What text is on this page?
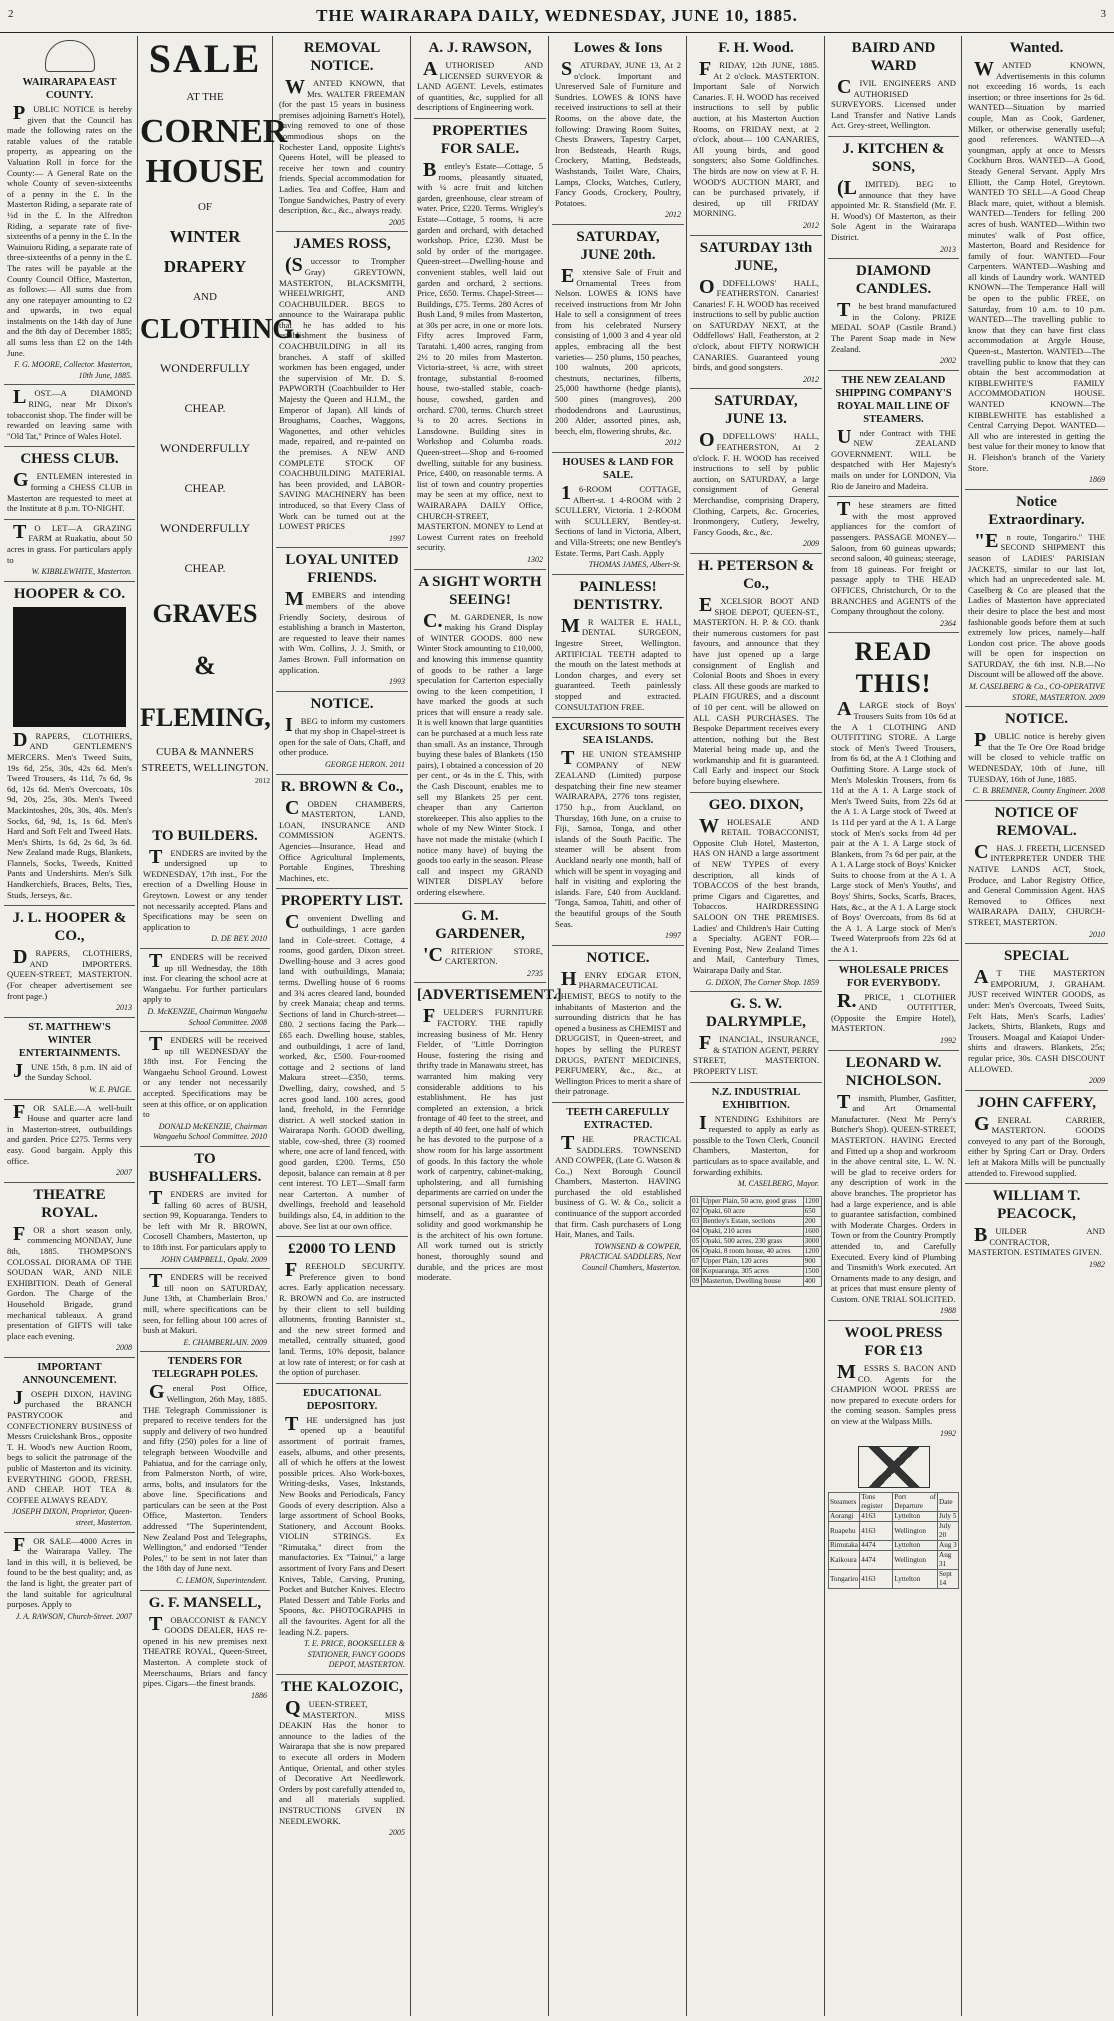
2	THE WAIRARAPA DAILY, WEDNESDAY, JUNE 10, 1885.	3
WAIRARAPA EAST COUNTY.

PUBLIC NOTICE is hereby given that the Council has made the following rates on the ratable values of the ratable property, as appearing on the Valuation Roll in force for the County:— A General Rate on the whole County of seven-sixteenths of a penny in the £. In the Masterton Riding, a separate rate of ½d in the £. In the Alfredton Riding, a separate rate of five-sixteenths of a penny in the £. In the Wainuioru Riding, a separate rate of three-sixteenths of a penny in the £. The rates will be payable at the County Council Office, Masterton, as follows:— All sums due from any one ratepayer amounting to £2 and upwards, in two equal instalments on the 14th day of June and the 8th day of December 1885; all sums less than £2 on the 14th June.

F. G. MOORE, Collector. Masterton, 10th June, 1885.

LOST.—A DIAMOND RING, near Mr Dixon's tobacconist shop. The finder will be rewarded on leaving same with "Old Tat," Prince of Wales Hotel.

CHESS CLUB.

GENTLEMEN interested in forming a CHESS CLUB in Masterton are requested to meet at the Institute at 8 p.m. TO-NIGHT.

TO LET—A GRAZING FARM at Ruakatiu, about 50 acres in grass. For particulars apply to

W. KIBBLEWHITE, Masterton.
HOOPER & CO.

DRAPERS, CLOTHIERS, AND GENTLEMEN'S MERCERS. Men's Tweed Suits, 19s 6d, 25s, 30s, 42s 6d. Men's Tweed Trousers, 4s 11d, 7s 6d, 9s 6d, 12s 6d. Men's Overcoats, 10s 9d, 20s, 25s, 30s. Men's Tweed Mackintoshes, 20s, 30s, 40s. Men's Socks, 6d, 9d, 1s, 1s 6d. Men's Hard and Soft Felt and Tweed Hats. Men's Shirts, 1s 6d, 2s 6d, 3s 6d. New Zealand made Rugs, Blankets, Flannels, Socks, Tweeds, Knitted Pants and Undershirts. Men's Silk Handkerchiefs, Braces, Belts, Ties, Studs, Jerseys, &c.

J. L. HOOPER & CO.,

DRAPERS, CLOTHIERS, AND IMPORTERS. QUEEN-STREET, MASTERTON. (For cheaper advertisement see front page.)

2013
ST. MATTHEW'S WINTER ENTERTAINMENTS.

JUNE 15th, 8 p.m. IN aid of the Sunday School.

W. E. PAIGE.

FOR SALE.—A well-built House and quarter acre land in Masterton-street, outbuildings and garden. Price £275. Terms very easy. Good bargain. Apply this office.

2007
THEATRE ROYAL.

FOR a short season only, commencing MONDAY, June 8th, 1885. THOMPSON'S COLOSSAL DIORAMA OF THE SOUDAN WAR, AND NILE EXHIBITION. Death of General Gordon. The Charge of the Household Brigade, grand mechanical tableaux. A grand presentation of GIFTS will take place each evening.

2008
IMPORTANT ANNOUNCEMENT.

JOSEPH DIXON, HAVING purchased the BRANCH PASTRYCOOK and CONFECTIONERY BUSINESS of Messrs Cruickshank Bros., opposite T. H. Wood's new Auction Room, begs to solicit the patronage of the public of Masterton and its vicinity. EVERYTHING GOOD, FRESH, AND CHEAP. HOT TEA & COFFEE ALWAYS READY.

JOSEPH DIXON, Proprietor, Queen-street, Masterton.

FOR SALE—4000 Acres in the Wairarapa Valley. The land in this will, it is believed, be found to be the best quality; and, as the land is light, the greater part of the land suitable for agricultural purposes. Apply to

J. A. RAWSON, Church-Street. 2007
SALE
AT THE
CORNER
HOUSE
OF
WINTER DRAPERY
AND
CLOTHING.
WONDERFULLY CHEAP.
WONDERFULLY CHEAP.
WONDERFULLY CHEAP.
GRAVES & FLEMING,
CUBA & MANNERS STREETS, WELLINGTON.
2012
TO BUILDERS.

TENDERS are invited by the undersigned up to WEDNESDAY, 17th inst., For the erection of a Dwelling House in Greytown. Lowest or any tender not necessarily accepted. Plans and Specifications may be seen on application to

D. DE BEY. 2010

TENDERS will be received up till Wednesday, the 18th inst. For clearing the school acre at Wangaehu. For further particulars apply to

D. McKENZIE, Chairman Wangaehu School Committee. 2008

TENDERS will be received up till WEDNESDAY the 18th inst. For Fencing the Wangaehu School Ground. Lowest or any tender not necessarily accepted. Specifications may be seen at this office, or on application to

DONALD McKENZIE, Chairman Wangaehu School Committee. 2010
TO BUSHFALLERS.

TENDERS are invited for falling 60 acres of BUSH, section 99, Kopuaranga. Tenders to be left with Mr R. BROWN, Cocosell Chambers, Masterton, up to 18th inst. For particulars apply to

JOHN CAMPBELL, Opaki. 2009

TENDERS will be received till noon on SATURDAY, June 13th, at Chamberlain Bros.' mill, where specifications can be seen, for felling about 100 acres of bush at Makuri.

E. CHAMBERLAIN. 2009
TENDERS FOR TELEGRAPH POLES.

General Post Office, Wellington, 26th May, 1885. THE Telegraph Commissioner is prepared to receive tenders for the supply and delivery of two hundred and fifty (250) poles for a line of telegraph between Woodville and Pahiatua, and for the carriage only, from Palmerston North, of wire, arms, bolts, and insulators for the above line. Specifications and particulars can be seen at the Post Office, Masterton. Tenders addressed "The Superintendent, New Zealand Post and Telegraphs, Wellington," and endorsed "Tender Poles," to be sent in not later than the 18th day of June next.

C. LEMON, Superintendent.
G. F. MANSELL,

TOBACCONIST & FANCY GOODS DEALER, HAS re-opened in his new premises next THEATRE ROYAL, Queen-Street, Masterton. A complete stock of Meerschaums, Briars and fancy pipes. Cigars—the finest brands.

1886
REMOVAL NOTICE.

WANTED KNOWN, that Mrs. WALTER FREEMAN (for the past 15 years in business premises adjoining Barnett's Hotel), having removed to one of those commodious shops on the Rochester Land, opposite Lights's Queens Hotel, will be pleased to receive her town and country friends. Special accommodation for Ladies. Tea and Coffee, Ham and Tongue Sandwiches, Pastry of every description, &c., &c., always ready.

2005
JAMES ROSS,

(Successor to Trompher Gray) GREYTOWN, MASTERTON, BLACKSMITH, WHEELWRIGHT, AND COACHBUILDER. BEGS to announce to the Wairarapa public that he has added to his establishment the business of COACHBUILDING in all its branches. A staff of skilled workmen has been engaged, under the supervision of Mr. D. S. PAPWORTH (Coachbuilder to Her Majesty the Queen and H.I.M., the Emperor of Japan). All kinds of Broughams, Coaches, Waggons, Wagonettes, and other vehicles made, repaired, and re-painted on the premises. A NEW AND COMPLETE STOCK OF COACHBUILDING MATERIAL has been provided, and LABOR-SAVING MACHINERY has been introduced, so that Every Class of Work can be turned out at the LOWEST PRICES

1997
LOYAL UNITED FRIENDS.

MEMBERS and intending members of the above Friendly Society, desirous of establishing a branch in Masterton, are requested to leave their names with Wm. Collins, J. J. Smith, or James Brown. Full information on application.

1993
NOTICE.

IBEG to inform my customers that my shop in Chapel-street is open for the sale of Oats, Chaff, and other produce.

GEORGE HERON. 2011
R. BROWN & Co.,

COBDEN CHAMBERS, MASTERTON, LAND, LOAN, INSURANCE AND COMMISSION AGENTS. Agencies—Insurance, Head and Office Agricultural Implements, Portable Engines, Threshing Machines, etc.

PROPERTY LIST.

Convenient Dwelling and outbuildings, 1 acre garden land in Cole-street. Cottage, 4 rooms, good garden, Dixon street. Dwelling-house and 3 acres good land with outbuildings, Manaia; terms. Dwelling house of 6 rooms and 3¾ acres cleared land, bounded by creek Manaia; cheap and terms. Sections of land in Church-street—£80. 2 sections facing the Park—£65 each. Dwelling house, stables, and outbuildings, 1 acre of land, worked, &c, £500. Four-roomed cottage and 2 sections of land Makura street—£350, terms. Dwelling, dairy, cowshed, and 5 acres good land. 100 acres, good land, freehold, in the Fernridge district. A well stocked station in Wairarapa North. GOOD dwelling, stable, cow-shed, three (3) roomed where, one acre of land fenced, with good garden, £200. Terms, £50 deposit, balance can remain at 8 per cent interest. TO LET—Small farm near Carterton. A number of dwellings, freehold and leasehold buildings also, £4, in addition to the above. See list at our own office.

£2000 TO LEND

FREEHOLD SECURITY. Preference given to bond acres. Early application necessary. R. BROWN and Co. are instructed by their client to sell building allotments, fronting Bannister st., and the new street formed and metalled, centrally situated, good land. Terms, 10% deposit, balance at low rate of interest; or for cash at the option of purchaser.

EDUCATIONAL DEPOSITORY.

THE undersigned has just opened up a beautiful assortment of portrait frames, easels, albums, and other presents, all of which he offers at the lowest possible prices. Also Work-boxes, Writing-desks, Vases, Inkstands, New Books and Periodicals, Fancy Goods of every description. Also a large assortment of School Books, Stationery, and Account Books. VIOLIN STRINGS. Ex "Rimutaka," direct from the manufactories. Ex "Tainui," a large assortment of Ivory Fans and Desert Knives, Table, Carving, Pruning, Pocket and Butcher Knives. Electro Plated Dessert and Table Forks and Spoons, &c. PHOTOGRAPHS in all the favourites. Agent for all the leading N.Z. papers.

T. E. PRICE, BOOKSELLER & STATIONER, FANCY GOODS DEPOT, MASTERTON.
THE KALOZOIC,

QUEEN-STREET, MASTERTON. MISS DEAKIN Has the honor to announce to the ladies of the Wairarapa that she is now prepared to execute all orders in Modern Antique, Oriental, and other styles of Decorative Art Needlework. Orders by post carefully attended to, and all materials supplied. INSTRUCTIONS GIVEN IN NEEDLEWORK.

2005
A. J. RAWSON,

AUTHORISED AND LICENSED SURVEYOR & LAND AGENT. Levels, estimates of quantities, &c, supplied for all descriptions of Engineering work.

PROPERTIES FOR SALE.

Bentley's Estate—Cottage, 5 rooms, pleasantly situated, with ¼ acre fruit and kitchen garden, greenhouse, clear stream of water. Price, £220. Terms. Wrigley's Estate—Cottage, 5 rooms, ¾ acre garden and orchard, with detached workshop. Price, £230. Must be sold by order of the mortgagee. Queen-street—Dwelling-house and convenient stables, well laid out garden and orchard, 2 sections. Price, £650. Terms. Chapel-Street—Buildings, £75. Terms. 280 Acres of Bush Land, 9 miles from Masterton, at 30s per acre, in one or more lots. Fifty acres Improved Farm, Taratahi. 1,400 acres, ranging from 2½ to 20 miles from Masterton. Victoria-street, ¼ acre, with street frontage, substantial 8-roomed house, two-stalled stable, coach-house, cowshed, garden and orchard. £700, terms. Church street ¼ to 20 acres. Sections in Lansdowne. Building sites in Workshop and Columba roads. Queen-street—Shop and 6-roomed dwelling, suitable for any business. Price, £400, on reasonable terms. A list of town and country properties may be seen at my office, next to WAIRARAPA DAILY Office, CHURCH-STREET, MASTERTON. MONEY to Lend at Lowest Current rates on freehold security.

1302
A SIGHT WORTH SEEING!

C.M. GARDENER, Is now making his Grand Display of WINTER GOODS. 800 new Winter Stock amounting to £10,000, and knowing this immense quantity of goods to be rather a large speculation for Carterton especially owing to the keen competition, I have marked the goods at such prices that will ensure a ready sale. It is well known that large quantities can be purchased at a much less rate than small. As an instance, Through buying these bales of Blankets (150 pairs), I obtained a concession of 20 per cent., or 4s in the £. This, with the Cash Discount, enables me to sell my Blankets 25 per cent. cheaper than any Carterton storekeeper. This also applies to the whole of my New Winter Stock. I have not made the mistake (which I notice many have) of buying the goods too early in the season. Please call and inspect my GRAND WINTER DISPLAY before ordering elsewhere.

G. M. GARDENER,

'CRITERION' STORE, CARTERTON.

2735
[ADVERTISEMENT.]

FUELDER'S FURNITURE FACTORY. THE rapidly increasing business of Mr. Henry Fielder, of "Little Dorrington House, fostering the rising and thrifty trade in Manawatu street, has warranted him making very considerable additions to his establishment. He has just completed an extension, a brick frontage of 40 feet to the street, and a depth of 40 feet, one half of which he has devoted to the purpose of a show room for his large assortment of goods. In this factory the whole work of carpentry, cabinet-making, upholstering, and all furnishing departments are carried on under the personal supervision of Mr. Fielder himself, and as a guarantee of solidity and good workmanship he is the architect of his own fortune. All work turned out is strictly honest, thoroughly sound and durable, and the prices are most moderate.

Lowes & Ions

SATURDAY, JUNE 13, At 2 o'clock. Important and Unreserved Sale of Furniture and Sundries. LOWES & IONS have received instructions to sell at their Rooms, on the above date, the following: Drawing Room Suites, Chests Drawers, Tapestry Carpet, Iron Bedsteads, Hearth Rugs, Crockery, Matting, Bedsteads, Washstands, Toilet Ware, Chairs, Lamps, Clocks, Watches, Cutlery, Fancy Goods, Crockery, Poultry, Potatoes.

2012
SATURDAY, JUNE 20th.

Extensive Sale of Fruit and Ornamental Trees from Nelson. LOWES & IONS have received instructions from Mr John Hale to sell a consignment of trees from his celebrated Nursery consisting of 1,000 3 and 4 year old apples, embracing all the best varieties— 250 plums, 150 peaches, 100 walnuts, 200 apricots, chestnuts, nectarines, filberts, 25,000 hawthorne (hedge plants), 500 pines (mangroves), 200 rhododendrons and Laurustinus, 200 Alder, assorted pines, ash, beech, elm, flowering shrubs, &c.

2012
HOUSES & LAND FOR SALE.

16-ROOM COTTAGE, Albert-st. 1 4-ROOM with 2 SCULLERY, Victoria. 1 2-ROOM with SCULLERY, Bentley-st. Sections of land in Victoria, Albert, and Villa-Streets; one new Bentley's Estate. Terms, Part Cash. Apply

THOMAS JAMES, Albert-St.
PAINLESS! DENTISTRY.

MR WALTER E. HALL, DENTAL SURGEON, Ingestre Street, Wellington. ARTIFICIAL TEETH adapted to the mouth on the latest methods at London charges, and every set guaranteed. Teeth painlessly stopped and extracted. CONSULTATION FREE.

EXCURSIONS TO SOUTH SEA ISLANDS.

THE UNION STEAMSHIP COMPANY of NEW ZEALAND (Limited) purpose despatching their fine new steamer WAIRARAPA, 2776 tons register, 1750 h.p., from Auckland, on Thursday, 16th June, on a cruise to Fiji, Samoa, Tonga, and other islands of the South Pacific. The steamer will be absent from Auckland nearly one month, half of which will be spent in voyaging and half in visiting and exploring the islands. Fare, £40 from Auckland. 'Tonga, Samoa, Tahiti, and other of the beautiful groups of the South Seas.

1997
NOTICE.

HENRY EDGAR ETON, PHARMACEUTICAL CHEMIST, BEGS to notify to the inhabitants of Masterton and the surrounding districts that he has opened a business as CHEMIST and DRUGGIST, in Queen-street, and hopes by selling the PUREST DRUGS, PATENT MEDICINES, PERFUMERY, &c., &c., at Wellington Prices to merit a share of their patronage.

TEETH CAREFULLY EXTRACTED.

THE PRACTICAL SADDLERS. TOWNSEND AND COWPER, (Late G. Watson & Co.,) Next Borough Council Chambers, Masterton. HAVING purchased the old established business of G. W. & Co., solicit a continuance of the support accorded that firm. Cash purchasers of Long Hair, Manes, and Tails.

TOWNSEND & COWPER, PRACTICAL SADDLERS, Next Council Chambers, Masterton.
F. H. Wood.

FRIDAY, 12th JUNE, 1885. At 2 o'clock. MASTERTON. Important Sale of Norwich Canaries. F. H. WOOD has received instructions to sell by public auction, at his Masterton Auction Rooms, on FRIDAY next, at 2 o'clock, about— 100 CANARIES, All young birds, and good songsters; also Some Goldfinches. The birds are now on view at F. H. WOOD'S AUCTION MART, and can be purchased privately, if desired, up till FRIDAY MORNING.

2012
SATURDAY 13th JUNE,

ODDFELLOWS' HALL, FEATHERSTON. Canaries! Canaries! F. H. WOOD has received instructions to sell by public auction on SATURDAY NEXT, at the Oddfellows' Hall, Featherston, at 2 o'clock, about FIFTY NORWICH CANARIES. Guaranteed young birds, and good songsters.

2012
SATURDAY, JUNE 13.

ODDFELLOWS' HALL, FEATHERSTON, At 2 o'clock. F. H. WOOD has received instructions to sell by public auction, on SATURDAY, a large consignment of General Merchandise, comprising Drapery, Clothing, Carpets, &c. Groceries, Ironmongery, Cutlery, Jewelry, Fancy Goods, &c., &c.

2009
H. PETERSON & Co.,

EXCELSIOR BOOT AND SHOE DEPOT, QUEEN-ST., MASTERTON. H. P. & CO. thank their numerous customers for past favours, and announce that they have just opened up a large consignment of English and Colonial Boots and Shoes in every class. All these goods are marked to PLAIN FIGURES, and a discount of 10 per cent. will be allowed on ALL CASH PURCHASES. The Bespoke Department receives every attention, nothing but the Best Material being made up, and the workmanship and fit is guaranteed. Call Early and inspect our Stock before buying elsewhere.

GEO. DIXON,

WHOLESALE AND RETAIL TOBACCONIST, Opposite Club Hotel, Masterton, HAS ON HAND a large assortment of NEW TYPES of every description, all kinds of TOBACCOS of the best brands, prime Cigars and Cigarettes, and Tobaccos. HAIRDRESSING SALOON ON THE PREMISES. Ladies' and Children's Hair Cutting a Specialty. AGENT FOR— Evening Post, New Zealand Times and Mail, Canterbury Times, Wairarapa Daily and Star.

G. DIXON, The Corner Shop. 1859
G. S. W. DALRYMPLE,

FINANCIAL, INSURANCE, & STATION AGENT, PERRY STREET, MASTERTON. PROPERTY LIST.

N.Z. INDUSTRIAL EXHIBITION.

INTENDING Exhibitors are requested to apply as early as possible to the Town Clerk, Council Chambers, Masterton, for particulars as to space available, and forwarding exhibits.

M. CASELBERG, Mayor.
01	Upper Plain, 50 acre, good grass	1200
02	Opaki, 60 acre	650
03	Bentley's Estate, sections	200
04	Opaki, 210 acres	1600
05	Opaki, 500 acres, 230 grass	3000
06	Opaki, 8 room house, 40 acres	1200
07	Upper Plain, 120 acres	900
08	Kopuaranga, 305 acres	1500
09	Masterton, Dwelling house	400
BAIRD AND WARD

CIVIL ENGINEERS AND AUTHORISED SURVEYORS. Licensed under Land Transfer and Native Lands Act. Grey-street, Wellington.

J. KITCHEN & SONS,

(LIMITED). BEG to announce that they have appointed Mr. R. Stansfield (Mr. F. H. Wood's) Of Masterton, as their Sole Agent in the Wairarapa District.

2013
DIAMOND CANDLES.

The best brand manufactured in the Colony. PRIZE MEDAL SOAP (Castile Brand.) The Parent Soap made in New Zealand.

2002
THE NEW ZEALAND SHIPPING COMPANY'S ROYAL MAIL LINE OF STEAMERS.

Under Contract with THE NEW ZEALAND GOVERNMENT. WILL be despatched with Her Majesty's mails on under for LONDON, Via Rio de Janeiro and Madeira.

These steamers are fitted with the most approved appliances for the comfort of passengers. PASSAGE MONEY—Saloon, from 60 guineas upwards; second saloon, 40 guineas; steerage, from 18 guineas. For freight or passage apply to THE HEAD OFFICES, Christchurch, Or to the BRANCHES and AGENTS of the Company throughout the colony.

2364
READ THIS!

ALARGE stock of Boys' Trousers Suits from 10s 6d at the A 1 CLOTHING AND OUTFITTING STORE. A Large stock of Men's Tweed Trousers, from 6s 6d, at the A 1 Clothing and Outfitting Store. A Large stock of Men's Moleskin Trousers, from 6s 11d at the A 1. A Large stock of Men's Tweed Suits, from 22s 6d at the A 1. A Large stock of Tweed at 1s 11d per yard at the A 1. A Large stock of Men's socks from 4d per pair at the A 1. A Large stock of Blankets, from 7s 6d per pair, at the A 1. A Large stock of Boys' Knicker Suits to choose from at the A 1. A Large stock of Men's Youths', and Boys' Shirts, Socks, Scarfs, Braces, Hats, &c., at the A 1. A Large stock of Boys' Overcoats, from 8s 6d at the A 1. A Large stock of Men's Tweed Waterproofs from 22s 6d at the A 1.

WHOLESALE PRICES FOR EVERYBODY.

R.PRICE, 1 CLOTHIER AND OUTFITTER, (Opposite the Empire Hotel), MASTERTON.

1992
LEONARD W. NICHOLSON.

Tinsmith, Plumber, Gasfitter, and Art Ornamental Manufacturer. (Next Mr Perry's Butcher's Shop). QUEEN-STREET, MASTERTON. HAVING Erected and Fitted up a shop and workroom in the above central site, L. W. N. will be glad to receive orders for any description of work in the above branches. The proprietor has had a large experience, and is able to guarantee satisfaction, combined with Moderate Charges. Orders in Town or from the Country Promptly attended to, and Carefully Executed. Every kind of Plumbing and Tinsmith's Work executed. Art Ornaments made to any design, and at prices that must ensure plenty of Custom. ONE TRIAL SOLICITED.

1988
WOOL PRESS FOR £13

MESSRS S. BACON AND CO. Agents for the CHAMPION WOOL PRESS are now prepared to execute orders for the coming season. Samples press on view at the Walpass Mills.

1992
Steamers	Tons register	Port of Departure	Date
Aorangi	4163	Lyttelton	July 5
Ruapehu	4163	Wellington	July 20
Rimutaka	4474	Lyttelton	Aug 3
Kaikoura	4474	Wellington	Aug 31
Tongariro	4163	Lyttelton	Sept 14
Wanted.

WANTED KNOWN, Advertisements in this column not exceeding 16 words, 1s each insertion; or three insertions for 2s 6d. WANTED—Situation by married couple, Man as Cook, Gardener, Milker, or otherwise generally useful; good references. WANTED—A youngman, apply at once to Messrs Cockburn Bros. WANTED—A Good, Steady General Servant. Apply Mrs Elliott, the Camp Hotel, Greytown. WANTED TO SELL—A Good Cheap Black mare, quiet, without a blemish. WANTED—Tenders for felling 200 acres of bush. WANTED—Within two minutes' walk of Post office, Masterton, Board and Residence for family of four. WANTED—Four Carpenters. WANTED—Washing and all kinds of Laundry work. WANTED KNOWN—The Temperance Hall will be open to the public FREE, on Saturday, from 10 a.m. to 10 p.m. WANTED—The travelling public to know that they can have first class accommodation at Argyle House, Queen-st., Masterton. WANTED—The travelling public to know that they can obtain the best accommodation at KIBBLEWHITE'S FAMILY ACCOMMODATION HOUSE. WANTED KNOWN—The KIBBLEWHITE has established a Central Carrying Depot. WANTED—All who are interested in getting the best value for their money to know that H. Fleishon's branch of the Variety Store.

1869
Notice Extraordinary.

"En route, Tongariro." THE SECOND SHIPMENT this season of LADIES' PARISIAN JACKETS, similar to our last lot, which had an unprecedented sale. M. Caselberg & Co are pleased that the Ladies of Masterton have appreciated their desire to place the best and most fashionable goods before them at such extremely low prices, namely—half London cost price. The above goods will be open for inspection on SATURDAY, the 6th inst. N.B.—No Discount will be allowed off the above.

M. CASELBERG & Co., CO-OPERATIVE STORE, MASTERTON. 2009
NOTICE.

PUBLIC notice is hereby given that the Te Ore Ore Road bridge will be closed to vehicle traffic on WEDNESDAY, 10th of June, till TUESDAY, 16th of June, 1885.

C. B. BREMNER, County Engineer. 2008
NOTICE OF REMOVAL.

CHAS. J. FREETH, LICENSED INTERPRETER UNDER THE NATIVE LANDS ACT, Stock, Produce, and Labor Registry Office, and General Commission Agent. HAS Removed to Offices next WAIRARAPA DAILY, CHURCH-STREET, MASTERTON.

2010
SPECIAL

AT THE MASTERTON EMPORIUM, J. GRAHAM. JUST received WINTER GOODS, as under: Men's Overcoats, Tweed Suits, Felt Hats, Men's Scarfs, Ladies' Jackets, Shirts, Blankets, Rugs and Trousers. Moagal and Kaiapoi Under-shirts and drawers. Blankets, 25s; regular price, 30s. CASH DISCOUNT ALLOWED.

2009
JOHN CAFFERY,

GENERAL CARRIER, MASTERTON. GOODS conveyed to any part of the Borough, either by Spring Cart or Dray. Orders left at Makora Mills will be punctually attended to. Firewood supplied.

WILLIAM T. PEACOCK,

BUILDER AND CONTRACTOR, MASTERTON. ESTIMATES GIVEN.

1982
